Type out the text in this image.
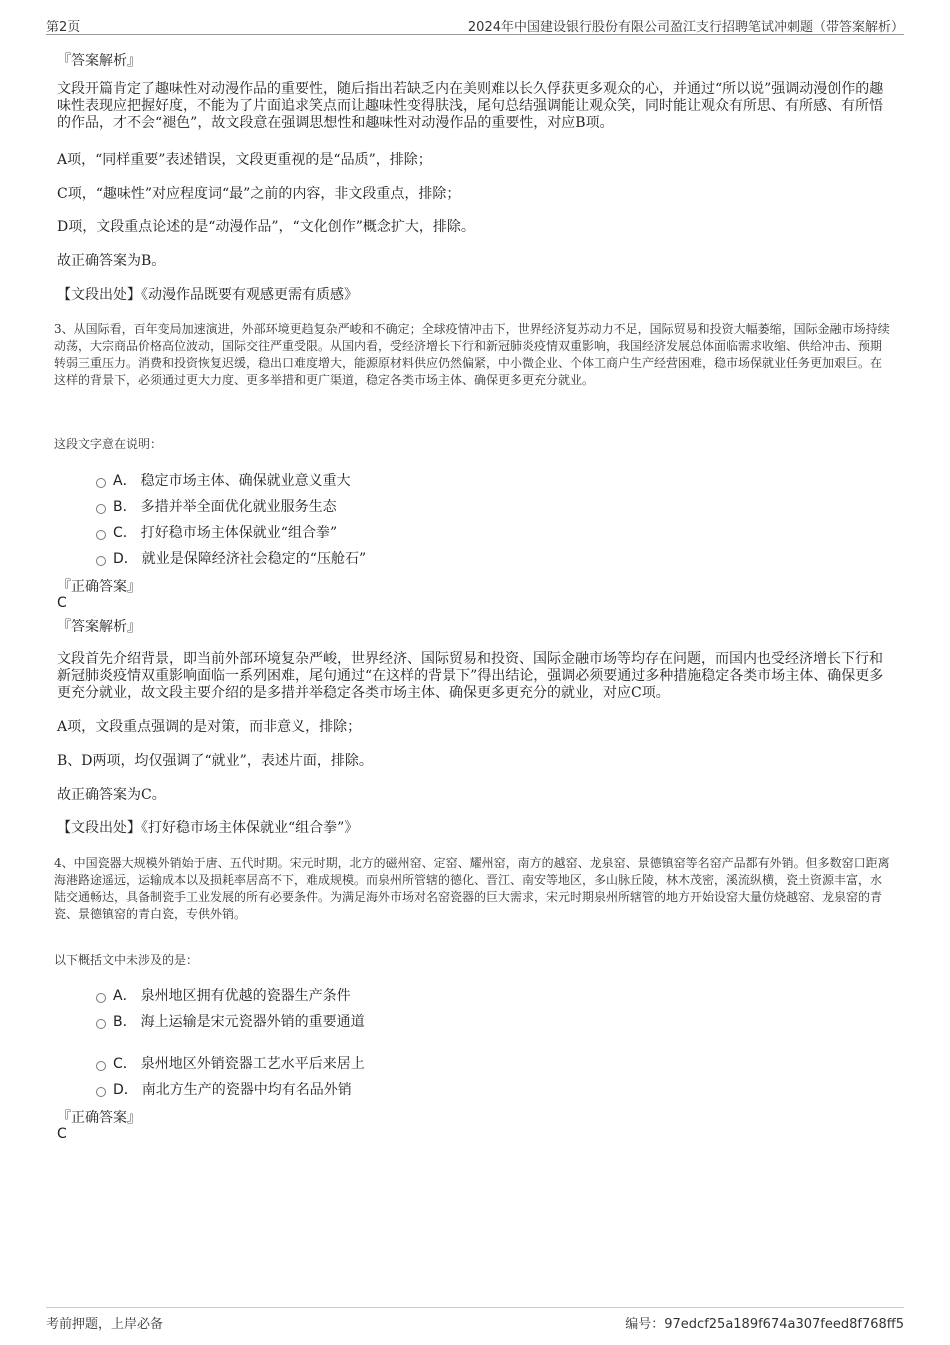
第2页	2024年中国建设银行股份有限公司盈江支行招聘笔试冲刺题（带答案解析）
『答案解析』
文段开篇肯定了趣味性对动漫作品的重要性，随后指出若缺乏内在美则难以长久俘获更多观众的心，并通过“所以说”强调动漫创作的趣味性表现应把握好度，不能为了片面追求笑点而让趣味性变得肤浅，尾句总结强调能让观众笑，同时能让观众有所思、有所感、有所悟的作品，才不会“褪色”，故文段意在强调思想性和趣味性对动漫作品的重要性，对应B项。
A项，“同样重要”表述错误，文段更重视的是“品质”，排除；
C项，“趣味性”对应程度词“最”之前的内容，非文段重点，排除；
D项，文段重点论述的是“动漫作品”，“文化创作”概念扩大，排除。
故正确答案为B。
【文段出处】《动漫作品既要有观感更需有质感》
3、从国际看，百年变局加速演进，外部环境更趋复杂严峻和不确定；全球疫情冲击下，世界经济复苏动力不足，国际贸易和投资大幅萎缩，国际金融市场持续动荡，大宗商品价格高位波动，国际交往严重受限。从国内看，受经济增长下行和新冠肺炎疫情双重影响，我国经济发展总体面临需求收缩、供给冲击、预期转弱三重压力。消费和投资恢复迟缓，稳出口难度增大，能源原材料供应仍然偏紧，中小微企业、个体工商户生产经营困难，稳市场保就业任务更加艰巨。在这样的背景下，必须通过更大力度、更多举措和更广渠道，稳定各类市场主体、确保更多更充分就业。
这段文字意在说明：
A． 稳定市场主体、确保就业意义重大
B． 多措并举全面优化就业服务生态
C． 打好稳市场主体保就业“组合拳”
D． 就业是保障经济社会稳定的“压舱石”
『正确答案』
C
『答案解析』
文段首先介绍背景，即当前外部环境复杂严峻，世界经济、国际贸易和投资、国际金融市场等均存在问题，而国内也受经济增长下行和新冠肺炎疫情双重影响面临一系列困难，尾句通过“在这样的背景下”得出结论，强调必须要通过多种措施稳定各类市场主体、确保更多更充分就业，故文段主要介绍的是多措并举稳定各类市场主体、确保更多更充分的就业，对应C项。
A项，文段重点强调的是对策，而非意义，排除；
B、D两项，均仅强调了“就业”，表述片面，排除。
故正确答案为C。
【文段出处】《打好稳市场主体保就业“组合拳”》
4、中国瓷器大规模外销始于唐、五代时期。宋元时期，北方的磁州窑、定窑、耀州窑，南方的越窑、龙泉窑、景德镇窑等名窑产品都有外销。但多数窑口距离海港路途遥远，运输成本以及损耗率居高不下，难成规模。而泉州所管辖的德化、晋江、南安等地区，多山脉丘陵，林木茂密，溪流纵横，瓷土资源丰富，水陆交通畅达，具备制瓷手工业发展的所有必要条件。为满足海外市场对名窑瓷器的巨大需求，宋元时期泉州所辖管的地方开始设窑大量仿烧越窑、龙泉窑的青瓷、景德镇窑的青白瓷，专供外销。
以下概括文中未涉及的是：
A． 泉州地区拥有优越的瓷器生产条件
B． 海上运输是宋元瓷器外销的重要通道
C． 泉州地区外销瓷器工艺水平后来居上
D． 南北方生产的瓷器中均有名品外销
『正确答案』
C
考前押题，上岸必备	编号：97edcf25a189f674a307feed8f768ff5
